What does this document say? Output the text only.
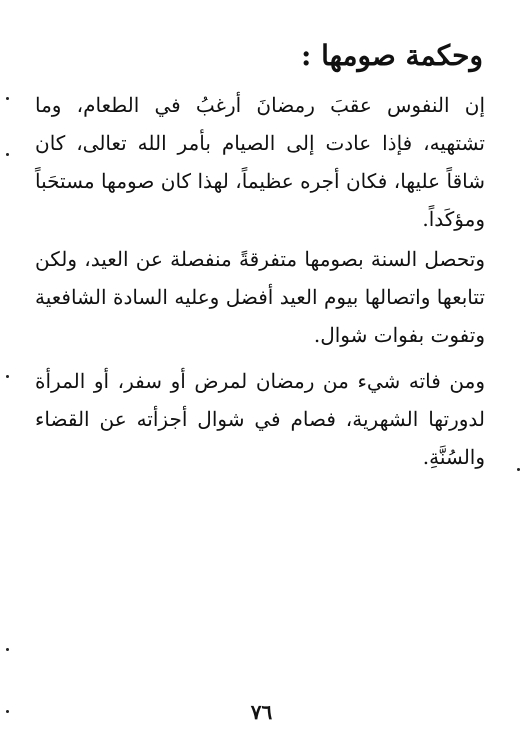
وحكمة صومها :
إن النفوس عقبَ رمضانَ أرغبُ في الطعام، وما تشتهيه، فإذا عادت إلى الصيام بأمر الله تعالى، كان شاقاً عليها، فكان أجره عظيماً، لهذا كان صومها مستحَباً ومؤكَداً.
وتحصل السنة بصومها متفرقةً منفصلة عن العيد، ولكن تتابعها واتصالها بيوم العيد أفضل وعليه السادة الشافعية وتفوت بفوات شوال.
ومن فاته شيء من رمضان لمرض أو سفر، أو المرأة لدورتها الشهرية، فصام في شوال أجزأته عن القضاء والسُنَّةِ.
٧٦
